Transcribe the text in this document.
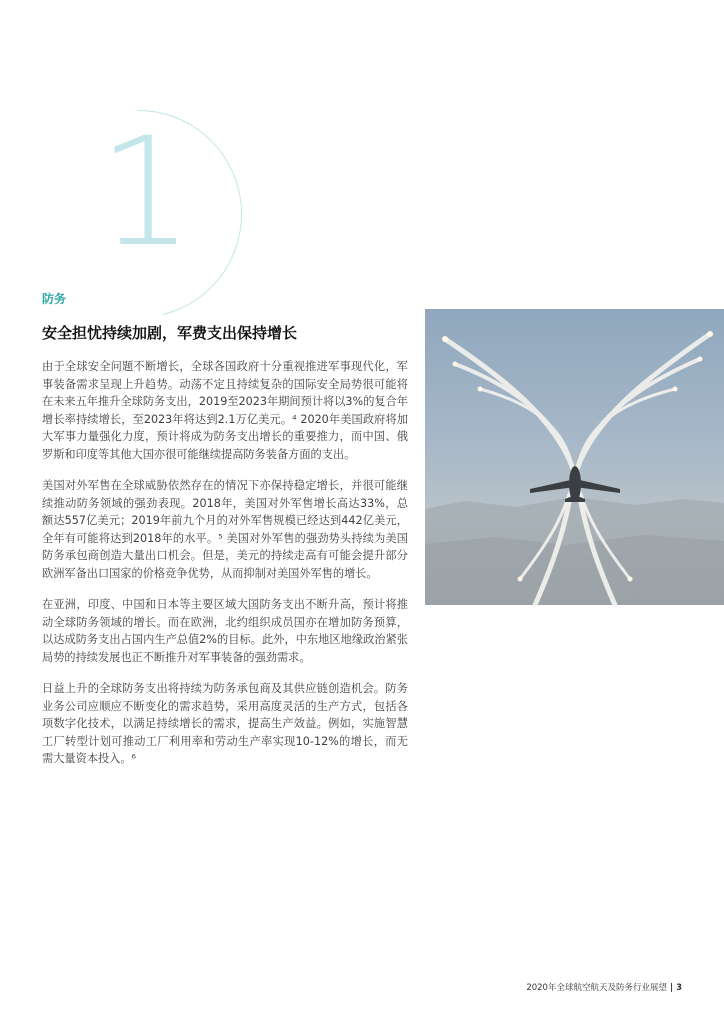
1
防务
安全担忧持续加剧，军费支出保持增长

由于全球安全问题不断增长，全球各国政府十分重视推进军事现代化，军事装备需求呈现上升趋势。动荡不定且持续复杂的国际安全局势很可能将在未来五年推升全球防务支出，2019至2023年期间预计将以3%的复合年增长率持续增长，至2023年将达到2.1万亿美元。⁴ 2020年美国政府将加大军事力量强化力度，预计将成为防务支出增长的重要推力，而中国、俄罗斯和印度等其他大国亦很可能继续提高防务装备方面的支出。

美国对外军售在全球威胁依然存在的情况下亦保持稳定增长，并很可能继续推动防务领域的强劲表现。2018年，美国对外军售增长高达33%，总额达557亿美元；2019年前九个月的对外军售规模已经达到442亿美元，全年有可能将达到2018年的水平。⁵ 美国对外军售的强劲势头持续为美国防务承包商创造大量出口机会。但是，美元的持续走高有可能会提升部分欧洲军备出口国家的价格竞争优势，从而抑制对美国外军售的增长。

在亚洲，印度、中国和日本等主要区域大国防务支出不断升高，预计将推动全球防务领域的增长。而在欧洲，北约组织成员国亦在增加防务预算，以达成防务支出占国内生产总值2%的目标。此外，中东地区地缘政治紧张局势的持续发展也正不断推升对军事装备的强劲需求。

日益上升的全球防务支出将持续为防务承包商及其供应链创造机会。防务业务公司应顺应不断变化的需求趋势，采用高度灵活的生产方式，包括各项数字化技术，以满足持续增长的需求，提高生产效益。例如，实施智慧工厂转型计划可推动工厂利用率和劳动生产率实现10-12%的增长，而无需大量资本投入。⁶

2020年全球航空航天及防务行业展望 | 3
